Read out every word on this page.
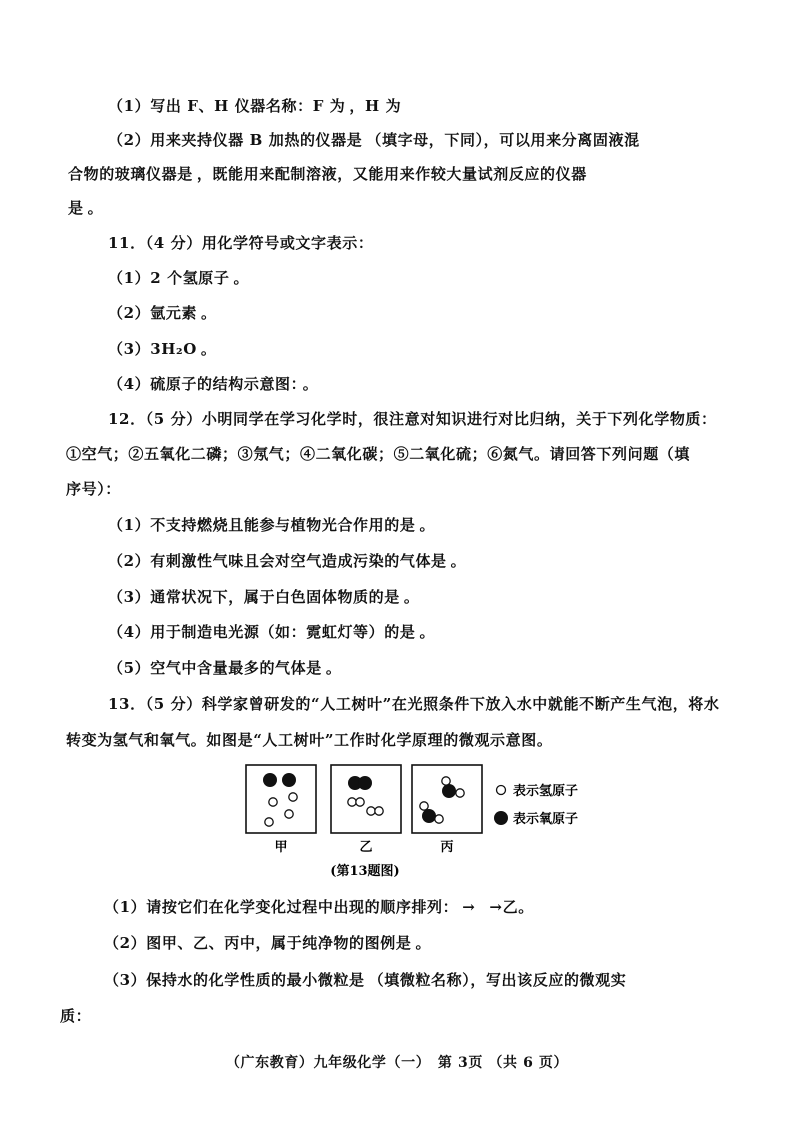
（1）写出 F、H 仪器名称：F 为 ，H 为
（2）用来夹持仪器 B 加热的仪器是 （填字母，下同），可以用来分离固液混
合物的玻璃仪器是 ，既能用来配制溶液，又能用来作较大量试剂反应的仪器
是 。
11．（4 分）用化学符号或文字表示：
（1）2 个氢原子 。
（2）氩元素 。
（3）3H₂O 。
（4）硫原子的结构示意图： 。
12．（5 分）小明同学在学习化学时，很注意对知识进行对比归纳，关于下列化学物质：
①空气；②五氧化二磷；③氖气；④二氧化碳；⑤二氧化硫；⑥氮气。请回答下列问题（填
序号）：
（1）不支持燃烧且能参与植物光合作用的是 。
（2）有刺激性气味且会对空气造成污染的气体是 。
（3）通常状况下，属于白色固体物质的是 。
（4）用于制造电光源（如：霓虹灯等）的是 。
（5）空气中含量最多的气体是 。
13．（5 分）科学家曾研发的“人工树叶”在光照条件下放入水中就能不断产生气泡，将水
转变为氢气和氧气。如图是“人工树叶”工作时化学原理的微观示意图。
表示氢原子
表示氧原子
甲	乙	丙
(第13题图)
（1）请按它们在化学变化过程中出现的顺序排列： → →乙。
（2）图甲、乙、丙中，属于纯净物的图例是 。
（3）保持水的化学性质的最小微粒是 （填微粒名称），写出该反应的微观实
质：
（广东教育）九年级化学（一）　第 3页 （共 6 页）
